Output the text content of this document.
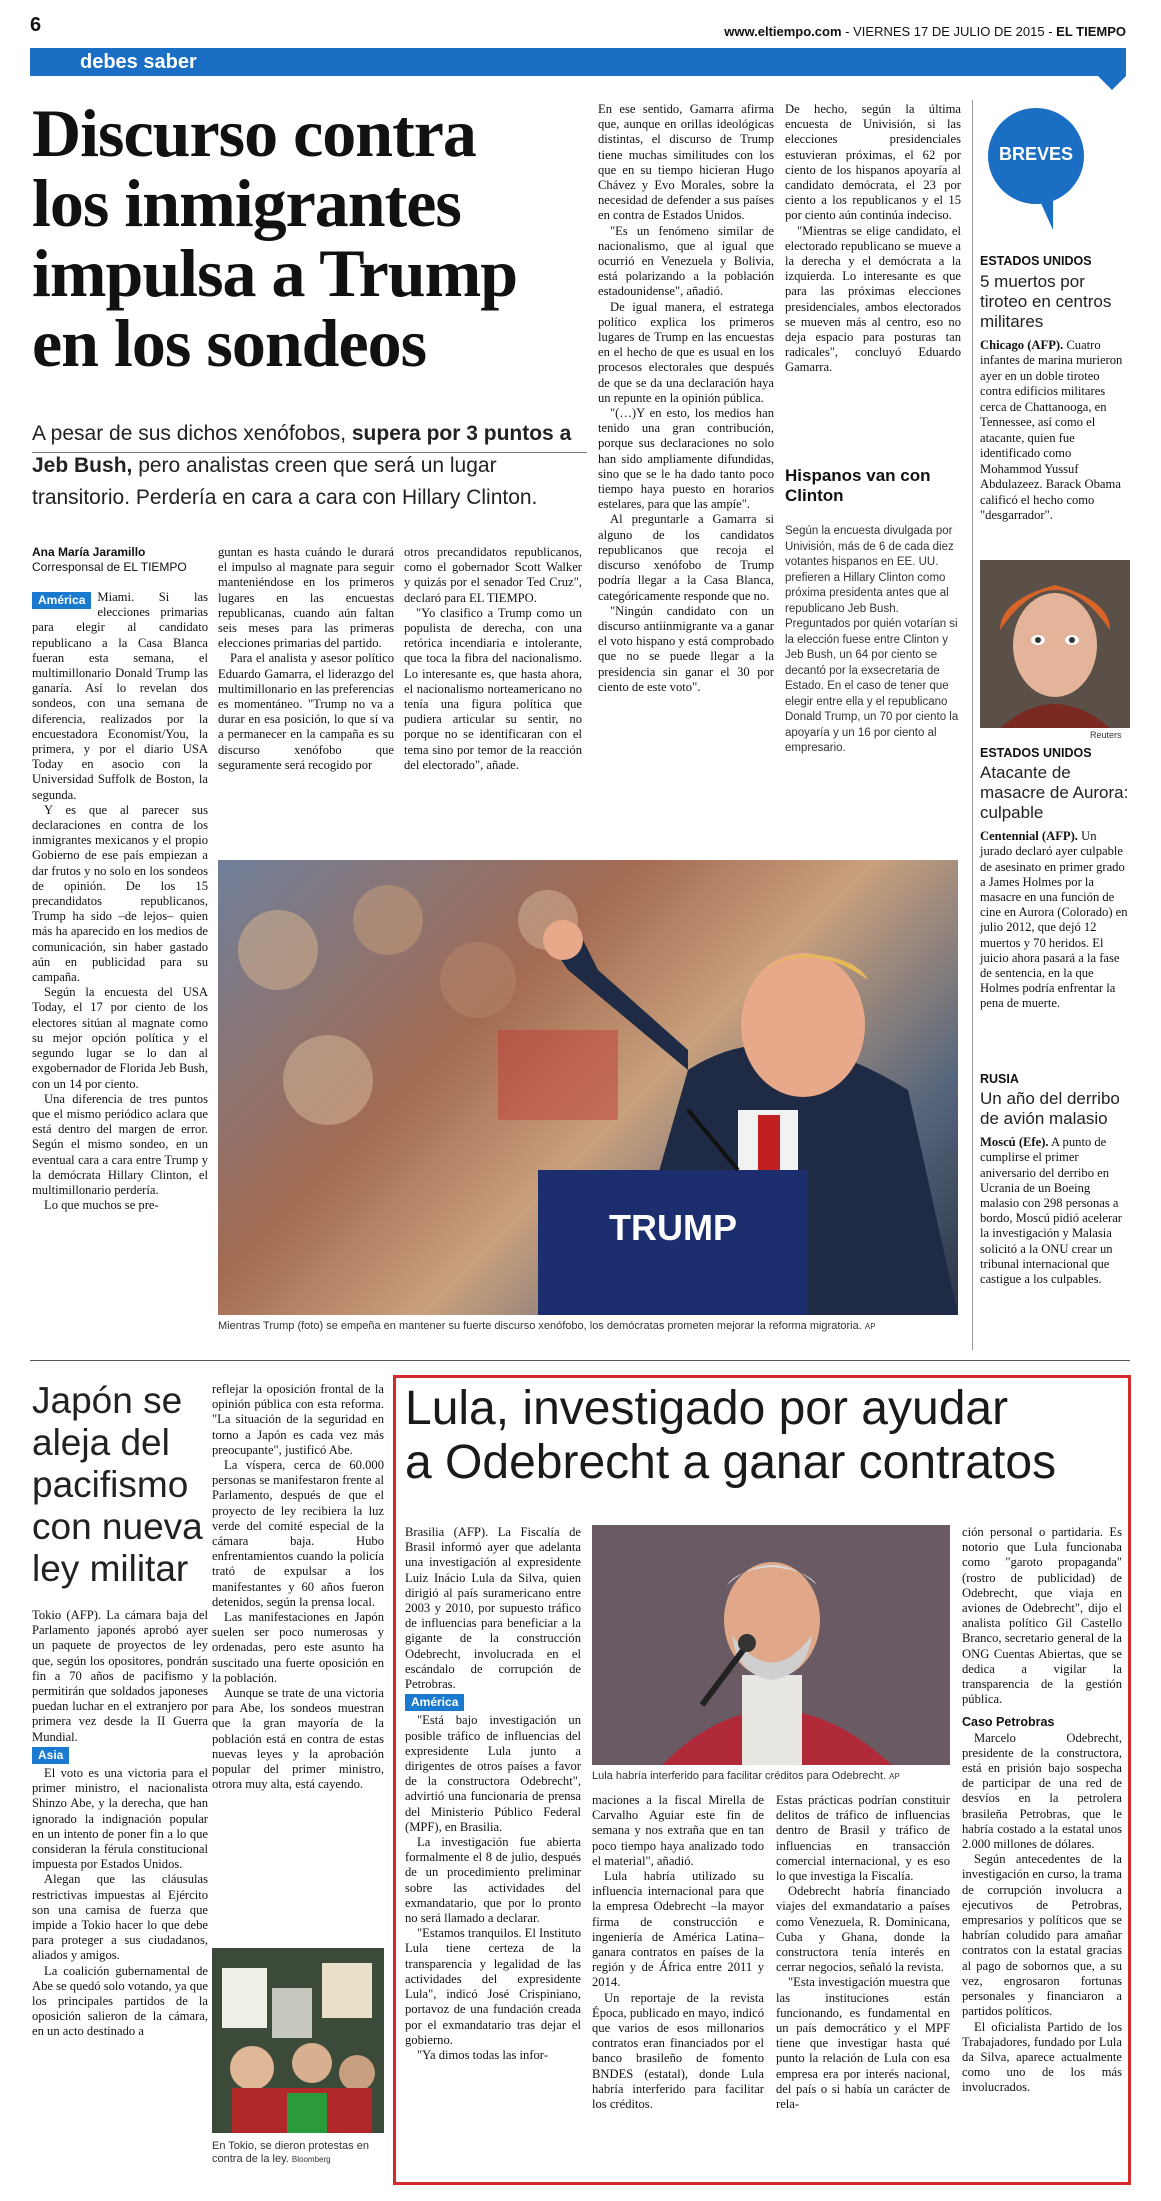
6	www.eltiempo.com - VIERNES 17 DE JULIO DE 2015 - EL TIEMPO
debes saber
Discurso contra
los inmigrantes
impulsa a Trump
en los sondeos
A pesar de sus dichos xenófobos, supera por 3 puntos a Jeb Bush, pero analistas creen que será un lugar transitorio. Perdería en cara a cara con Hillary Clinton.
Ana María Jaramillo
Corresponsal de EL TIEMPO
América Miami. Si las elecciones primarias para elegir al candidato republicano a la Casa Blanca fueran esta semana, el multimillonario Donald Trump las ganaría. Así lo revelan dos sondeos, con una semana de diferencia, realizados por la encuestadora Economist/You, la primera, y por el diario USA Today en asocio con la Universidad Suffolk de Boston, la segunda.

Y es que al parecer sus declaraciones en contra de los inmigrantes mexicanos y el propio Gobierno de ese país empiezan a dar frutos y no solo en los sondeos de opinión. De los 15 precandidatos republicanos, Trump ha sido –de lejos– quien más ha aparecido en los medios de comunicación, sin haber gastado aún en publicidad para su campaña.

Según la encuesta del USA Today, el 17 por ciento de los electores sitúan al magnate como su mejor opción política y el segundo lugar se lo dan al exgobernador de Florida Jeb Bush, con un 14 por ciento.

Una diferencia de tres puntos que el mismo periódico aclara que está dentro del margen de error. Según el mismo sondeo, en un eventual cara a cara entre Trump y la demócrata Hillary Clinton, el multimillonario perdería.

Lo que muchos se pre-

guntan es hasta cuándo le durará el impulso al magnate para seguir manteniéndose en los primeros lugares en las encuestas republicanas, cuando aún faltan seis meses para las primeras elecciones primarias del partido.

Para el analista y asesor político Eduardo Gamarra, el liderazgo del multimillonario en las preferencias es momentáneo. "Trump no va a durar en esa posición, lo que sí va a permanecer en la campaña es su discurso xenófobo que seguramente será recogido por

otros precandidatos republicanos, como el gobernador Scott Walker y quizás por el senador Ted Cruz", declaró para EL TIEMPO.

"Yo clasifico a Trump como un populista de derecha, con una retórica incendiaria e intolerante, que toca la fibra del nacionalismo. Lo interesante es, que hasta ahora, el nacionalismo norteamericano no tenía una figura política que pudiera articular su sentir, no porque no se identificaran con el tema sino por temor de la reacción del electorado", añade.

En ese sentido, Gamarra afirma que, aunque en orillas ideológicas distintas, el discurso de Trump tiene muchas similitudes con los que en su tiempo hicieran Hugo Chávez y Evo Morales, sobre la necesidad de defender a sus países en contra de Estados Unidos.

"Es un fenómeno similar de nacionalismo, que al igual que ocurrió en Venezuela y Bolivia, está polarizando a la población estadounidense", añadió.

De igual manera, el estratega político explica los primeros lugares de Trump en las encuestas en el hecho de que es usual en los procesos electorales que después de que se da una declaración haya un repunte en la opinión pública.

"(…)Y en esto, los medios han tenido una gran contribución, porque sus declaraciones no solo han sido ampliamente difundidas, sino que se le ha dado tanto poco tiempo haya puesto en horarios estelares, para que las ampíe".

Al preguntarle a Gamarra si alguno de los candidatos republicanos que recoja el discurso xenófobo de Trump podría llegar a la Casa Blanca, categóricamente responde que no.

"Ningún candidato con un discurso antiinmigrante va a ganar el voto hispano y está comprobado que no se puede llegar a la presidencia sin ganar el 30 por ciento de este voto".

De hecho, según la última encuesta de Univisión, si las elecciones presidenciales estuvieran próximas, el 62 por ciento de los hispanos apoyaría al candidato demócrata, el 23 por ciento a los republicanos y el 15 por ciento aún continúa indeciso.

"Mientras se elige candidato, el electorado republicano se mueve a la derecha y el demócrata a la izquierda. Lo interesante es que para las próximas elecciones presidenciales, ambos electorados se mueven más al centro, eso no deja espacio para posturas tan radicales", concluyó Eduardo Gamarra.

Hispanos van con Clinton
Según la encuesta divulgada por Univisión, más de 6 de cada diez votantes hispanos en EE. UU. prefieren a Hillary Clinton como próxima presidenta antes que al republicano Jeb Bush. Preguntados por quién votarían si la elección fuese entre Clinton y Jeb Bush, un 64 por ciento se decantó por la exsecretaria de Estado. En el caso de tener que elegir entre ella y el republicano Donald Trump, un 70 por ciento la apoyaría y un 16 por ciento al empresario.
TRUMP
Mientras Trump (foto) se empeña en mantener su fuerte discurso xenófobo, los demócratas prometen mejorar la reforma migratoria. AP
BREVES
ESTADOS UNIDOS
5 muertos por tiroteo en centros militares

Chicago (AFP). Cuatro infantes de marina murieron ayer en un doble tiroteo contra edificios militares cerca de Chattanooga, en Tennessee, así como el atacante, quien fue identificado como Mohammod Yussuf Abdulazeez. Barack Obama calificó el hecho como "desgarrador".

Reuters
ESTADOS UNIDOS
Atacante de masacre de Aurora: culpable

Centennial (AFP). Un jurado declaró ayer culpable de asesinato en primer grado a James Holmes por la masacre en una función de cine en Aurora (Colorado) en julio 2012, que dejó 12 muertos y 70 heridos. El juicio ahora pasará a la fase de sentencia, en la que Holmes podría enfrentar la pena de muerte.

RUSIA
Un año del derribo de avión malasio

Moscú (Efe). A punto de cumplirse el primer aniversario del derribo en Ucrania de un Boeing malasio con 298 personas a bordo, Moscú pidió acelerar la investigación y Malasia solicitó a la ONU crear un tribunal internacional que castigue a los culpables.

Japón se
aleja del
pacifismo
con nueva
ley militar

Tokio (AFP). La cámara baja del Parlamento japonés aprobó ayer un paquete de proyectos de ley que, según los opositores, pondrán fin a 70 años de pacifismo y permitirán que soldados japoneses puedan luchar en el extranjero por primera vez desde la II Guerra Mundial.

Asia

El voto es una victoria para el primer ministro, el nacionalista Shinzo Abe, y la derecha, que han ignorado la indignación popular en un intento de poner fin a lo que consideran la férula constitucional impuesta por Estados Unidos.

Alegan que las cláusulas restrictivas impuestas al Ejército son una camisa de fuerza que impide a Tokio hacer lo que debe para proteger a sus ciudadanos, aliados y amigos.

La coalición gubernamental de Abe se quedó solo votando, ya que los principales partidos de la oposición salieron de la cámara, en un acto destinado a

reflejar la oposición frontal de la opinión pública con esta reforma. "La situación de la seguridad en torno a Japón es cada vez más preocupante", justificó Abe.

La víspera, cerca de 60.000 personas se manifestaron frente al Parlamento, después de que el proyecto de ley recibiera la luz verde del comité especial de la cámara baja. Hubo enfrentamientos cuando la policía trató de expulsar a los manifestantes y 60 años fueron detenidos, según la prensa local.

Las manifestaciones en Japón suelen ser poco numerosas y ordenadas, pero este asunto ha suscitado una fuerte oposición en la población.

Aunque se trate de una victoria para Abe, los sondeos muestran que la gran mayoría de la población está en contra de estas nuevas leyes y la aprobación popular del primer ministro, otrora muy alta, está cayendo.

En Tokio, se dieron protestas en contra de la ley. Bloomberg
Lula, investigado por ayudar
a Odebrecht a ganar contratos

Brasilia (AFP). La Fiscalía de Brasil informó ayer que adelanta una investigación al expresidente Luiz Inácio Lula da Silva, quien dirigió al país suramericano entre 2003 y 2010, por supuesto tráfico de influencias para beneficiar a la gigante de la construcción Odebrecht, involucrada en el escándalo de corrupción de Petrobras.

América

"Está bajo investigación un posible tráfico de influencias del expresidente Lula junto a dirigentes de otros países a favor de la constructora Odebrecht", advirtió una funcionaria de prensa del Ministerio Público Federal (MPF), en Brasilia.

La investigación fue abierta formalmente el 8 de julio, después de un procedimiento preliminar sobre las actividades del exmandatario, que por lo pronto no será llamado a declarar.

"Estamos tranquilos. El Instituto Lula tiene certeza de la transparencia y legalidad de las actividades del expresidente Lula", indicó José Crispiniano, portavoz de una fundación creada por el exmandatario tras dejar el gobierno.

"Ya dimos todas las infor-

Lula habría interferido para facilitar créditos para Odebrecht. AP

maciones a la fiscal Mirella de Carvalho Aguiar este fin de semana y nos extraña que en tan poco tiempo haya analizado todo el material", añadió.

Lula habría utilizado su influencia internacional para que la empresa Odebrecht –la mayor firma de construcción e ingeniería de América Latina– ganara contratos en países de la región y de África entre 2011 y 2014.

Un reportaje de la revista Época, publicado en mayo, indicó que varios de esos millonarios contratos eran financiados por el banco brasileño de fomento BNDES (estatal), donde Lula habría interferido para facilitar los créditos.

Estas prácticas podrían constituir delitos de tráfico de influencias dentro de Brasil y tráfico de influencias en transacción comercial internacional, y es eso lo que investiga la Fiscalía.

Odebrecht habría financiado viajes del exmandatario a países como Venezuela, R. Dominicana, Cuba y Ghana, donde la constructora tenía interés en cerrar negocios, señaló la revista.

"Esta investigación muestra que las instituciones están funcionando, es fundamental en un país democrático y el MPF tiene que investigar hasta qué punto la relación de Lula con esa empresa era por interés nacional, del país o si había un carácter de rela-

ción personal o partidaria. Es notorio que Lula funcionaba como "garoto propaganda" (rostro de publicidad) de Odebrecht, que viaja en aviones de Odebrecht", dijo el analista político Gil Castello Branco, secretario general de la ONG Cuentas Abiertas, que se dedica a vigilar la transparencia de la gestión pública.

Caso Petrobras

Marcelo Odebrecht, presidente de la constructora, está en prisión bajo sospecha de participar de una red de desvíos en la petrolera brasileña Petrobras, que le habría costado a la estatal unos 2.000 millones de dólares.

Según antecedentes de la investigación en curso, la trama de corrupción involucra a ejecutivos de Petrobras, empresarios y políticos que se habrían coludido para amañar contratos con la estatal gracias al pago de sobornos que, a su vez, engrosaron fortunas personales y financiaron a partidos políticos.

El oficialista Partido de los Trabajadores, fundado por Lula da Silva, aparece actualmente como uno de los más involucrados.
